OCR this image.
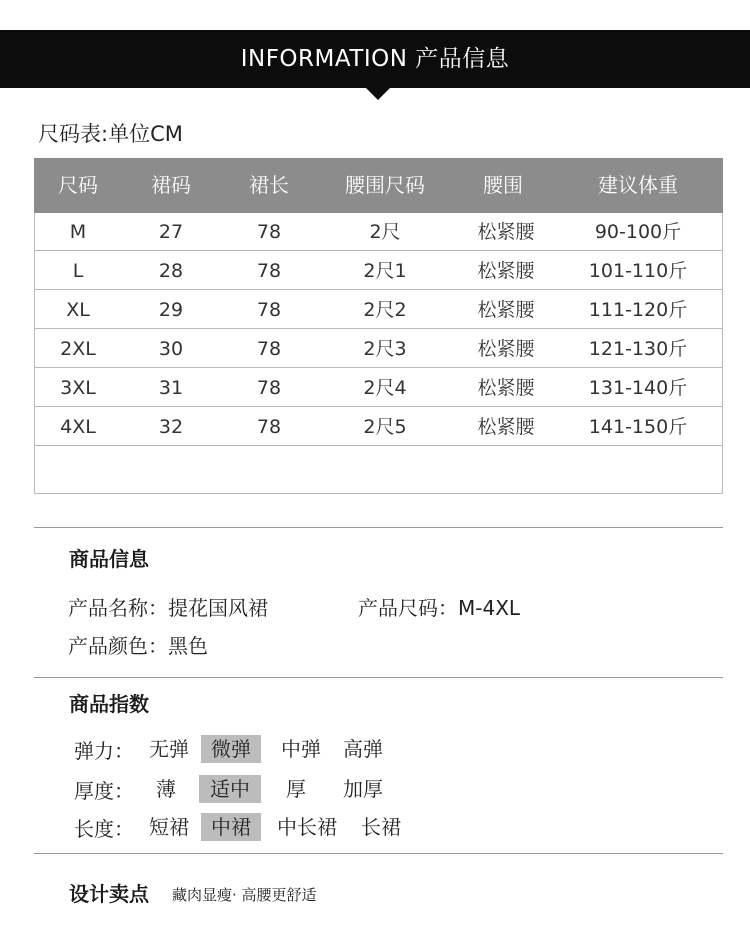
INFORMATION 产品信息
尺码表:单位CM
尺码	裙码	裙长	腰围尺码	腰围	建议体重
M	27	78	2尺	松紧腰	90-100斤
L	28	78	2尺1	松紧腰	101-110斤
XL	29	78	2尺2	松紧腰	111-120斤
2XL	30	78	2尺3	松紧腰	121-130斤
3XL	31	78	2尺4	松紧腰	131-140斤
4XL	32	78	2尺5	松紧腰	141-150斤
商品信息
产品名称：提花国风裙	产品尺码：M-4XL
产品颜色：黑色
商品指数
弹力： 无弹	微弹	中弹 高弹
厚度：	薄	适中	厚	加厚
长度： 短裙	中裙	中长裙	长裙
设计卖点 藏肉显瘦· 高腰更舒适
